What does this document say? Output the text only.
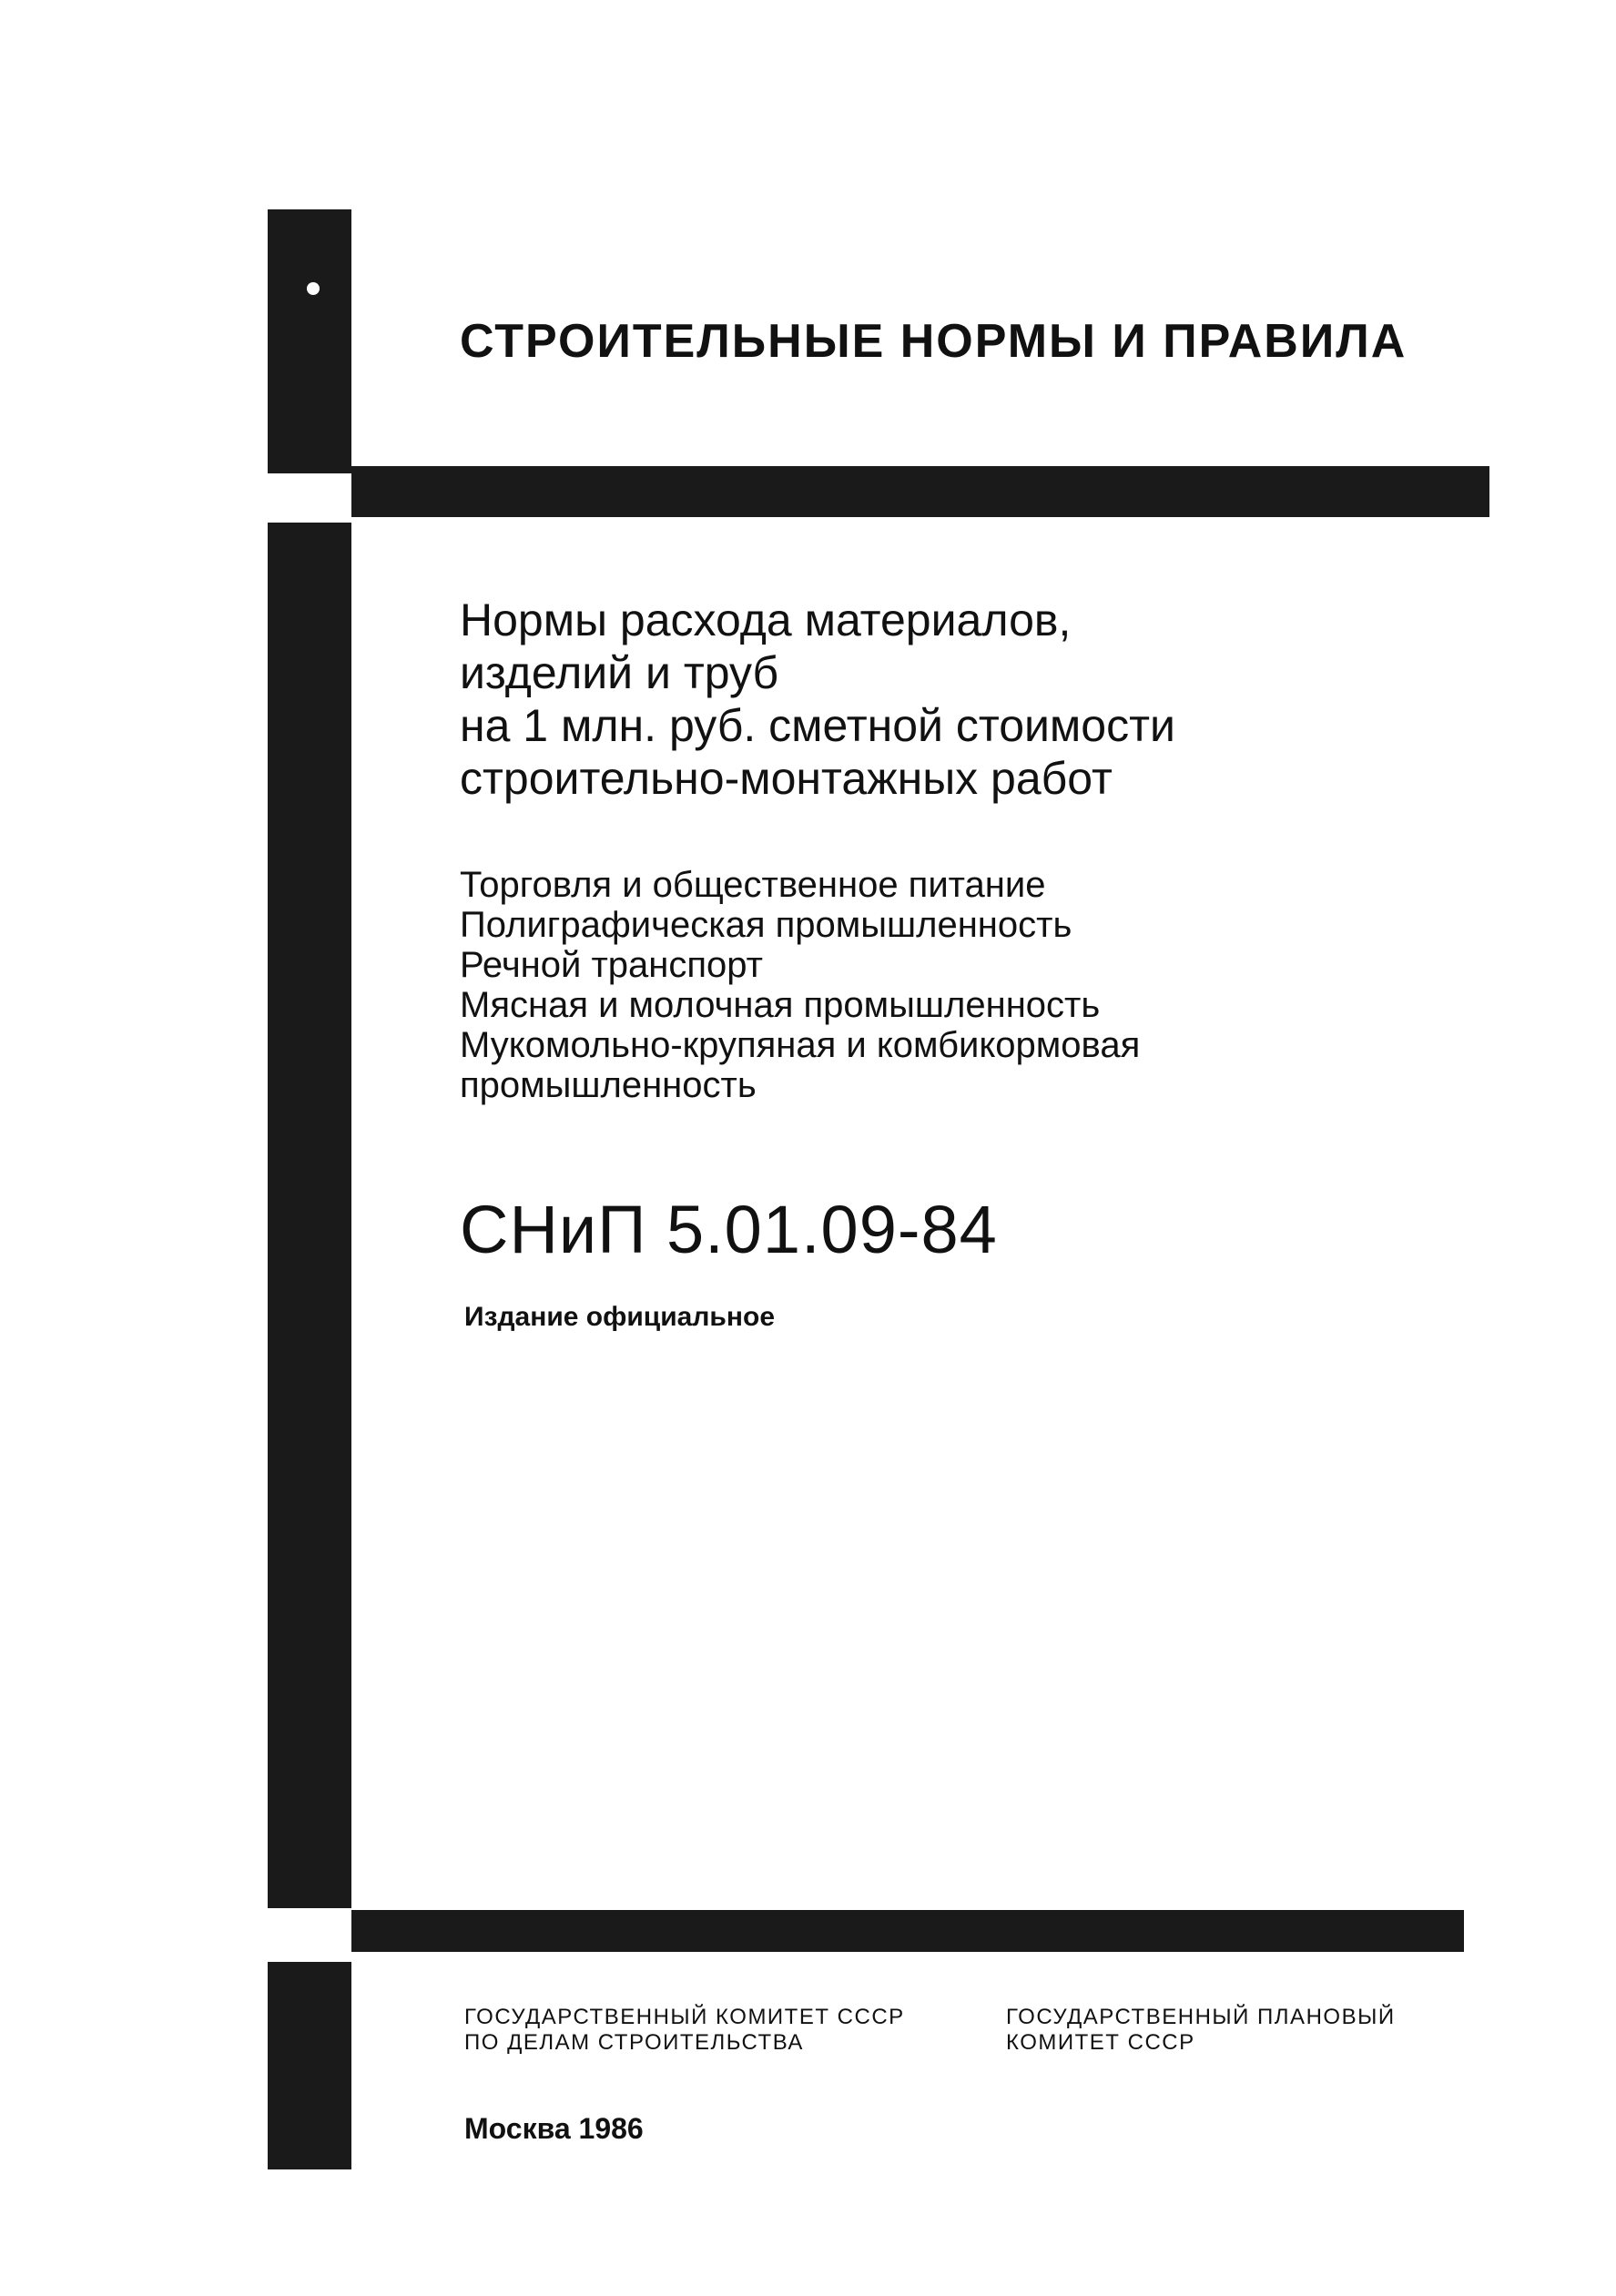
СТРОИТЕЛЬНЫЕ НОРМЫ И ПРАВИЛА
Нормы расхода материалов,
изделий и труб
на 1 млн. руб. сметной стоимости
строительно-монтажных работ
Торговля и общественное питание
Полиграфическая промышленность
Речной транспорт
Мясная и молочная промышленность
Мукомольно-крупяная и комбикормовая
промышленность
СНиП 5.01.09-84
Издание официальное
ГОСУДАРСТВЕННЫЙ КОМИТЕТ СССР
ПО ДЕЛАМ СТРОИТЕЛЬСТВА
ГОСУДАРСТВЕННЫЙ ПЛАНОВЫЙ
КОМИТЕТ СССР
Москва 1986
